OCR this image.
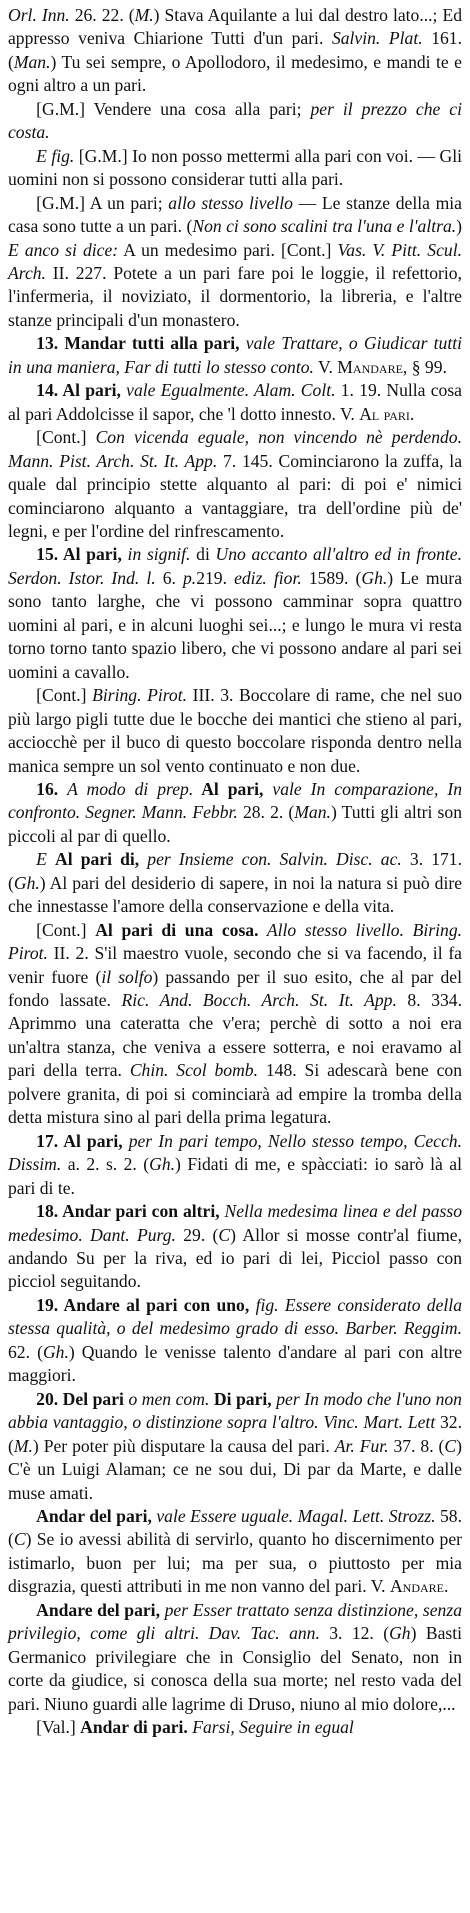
Orl. Inn. 26. 22. (M.) Stava Aquilante a lui dal destro lato...; Ed appresso veniva Chiarione Tutti d'un pari. Salvin. Plat. 161. (Man.) Tu sei sempre, o Apollodoro, il medesimo, e mandi te e ogni altro a un pari.

[G.M.] Vendere una cosa alla pari; per il prezzo che ci costa.

E fig. [G.M.] Io non posso mettermi alla pari con voi. — Gli uomini non si possono considerar tutti alla pari.

[G.M.] A un pari; allo stesso livello — Le stanze della mia casa sono tutte a un pari. (Non ci sono scalini tra l'una e l'altra.) E anco si dice: A un medesimo pari. [Cont.] Vas. V. Pitt. Scul. Arch. II. 227. Potete a un pari fare poi le loggie, il refettorio, l'infermeria, il noviziato, il dormentorio, la libreria, e l'altre stanze principali d'un monastero.

13. Mandar tutti alla pari, vale Trattare, o Giudicar tutti in una maniera, Far di tutti lo stesso conto. V. Mandare, § 99.

14. Al pari, vale Egualmente. Alam. Colt. 1. 19. Nulla cosa al pari Addolcisse il sapor, che 'l dotto innesto. V. Al pari.

[Cont.] Con vicenda eguale, non vincendo nè perdendo. Mann. Pist. Arch. St. It. App. 7. 145. Cominciarono la zuffa, la quale dal principio stette alquanto al pari: di poi e' nimici cominciarono alquanto a vantaggiare, tra dell'ordine più de' legni, e per l'ordine del rinfrescamento.

15. Al pari, in signif. di Uno accanto all'altro ed in fronte. Serdon. Istor. Ind. l. 6. p.219. ediz. fior. 1589. (Gh.) Le mura sono tanto larghe, che vi possono camminar sopra quattro uomini al pari, e in alcuni luoghi sei...; e lungo le mura vi resta torno torno tanto spazio libero, che vi possono andare al pari sei uomini a cavallo.

[Cont.] Biring. Pirot. III. 3. Boccolare di rame, che nel suo più largo pigli tutte due le bocche dei mantici che stieno al pari, acciocchè per il buco di questo boccolare risponda dentro nella manica sempre un sol vento continuato e non due.

16. A modo di prep. Al pari, vale In comparazione, In confronto. Segner. Mann. Febbr. 28. 2. (Man.) Tutti gli altri son piccoli al par di quello.

E Al pari di, per Insieme con. Salvin. Disc. ac. 3. 171. (Gh.) Al pari del desiderio di sapere, in noi la natura si può dire che innestasse l'amore della conservazione e della vita.

[Cont.] Al pari di una cosa. Allo stesso livello. Biring. Pirot. II. 2. S'il maestro vuole, secondo che si va facendo, il fa venir fuore (il solfo) passando per il suo esito, che al par del fondo lassate. Ric. And. Bocch. Arch. St. It. App. 8. 334. Aprimmo una cateratta che v'era; perchè di sotto a noi era un'altra stanza, che veniva a essere sotterra, e noi eravamo al pari della terra. Chin. Scol bomb. 148. Si adescarà bene con polvere granita, di poi si cominciarà ad empire la tromba della detta mistura sino al pari della prima legatura.

17. Al pari, per In pari tempo, Nello stesso tempo, Cecch. Dissim. a. 2. s. 2. (Gh.) Fidati di me, e spàcciati: io sarò là al pari di te.

18. Andar pari con altri, Nella medesima linea e del passo medesimo. Dant. Purg. 29. (C) Allor si mosse contr'al fiume, andando Su per la riva, ed io pari di lei, Picciol passo con picciol seguitando.

19. Andare al pari con uno, fig. Essere considerato della stessa qualità, o del medesimo grado di esso. Barber. Reggim. 62. (Gh.) Quando le venisse talento d'andare al pari con altre maggiori.

20. Del pari o men com. Di pari, per In modo che l'uno non abbia vantaggio, o distinzione sopra l'altro. Vinc. Mart. Lett 32. (M.) Per poter più disputare la causa del pari. Ar. Fur. 37. 8. (C) C'è un Luigi Alaman; ce ne sou dui, Di par da Marte, e dalle muse amati.

Andar del pari, vale Essere uguale. Magal. Lett. Strozz. 58. (C) Se io avessi abilità di servirlo, quanto ho discernimento per istimarlo, buon per lui; ma per sua, o piuttosto per mia disgrazia, questi attributi in me non vanno del pari. V. Andare.

Andare del pari, per Esser trattato senza distinzione, senza privilegio, come gli altri. Dav. Tac. ann. 3. 12. (Gh) Basti Germanico privilegiare che in Consiglio del Senato, non in corte da giudice, si conosca della sua morte; nel resto vada del pari. Niuno guardi alle lagrime di Druso, niuno al mio dolore,...

[Val.] Andar di pari. Farsi, Seguire in egual
